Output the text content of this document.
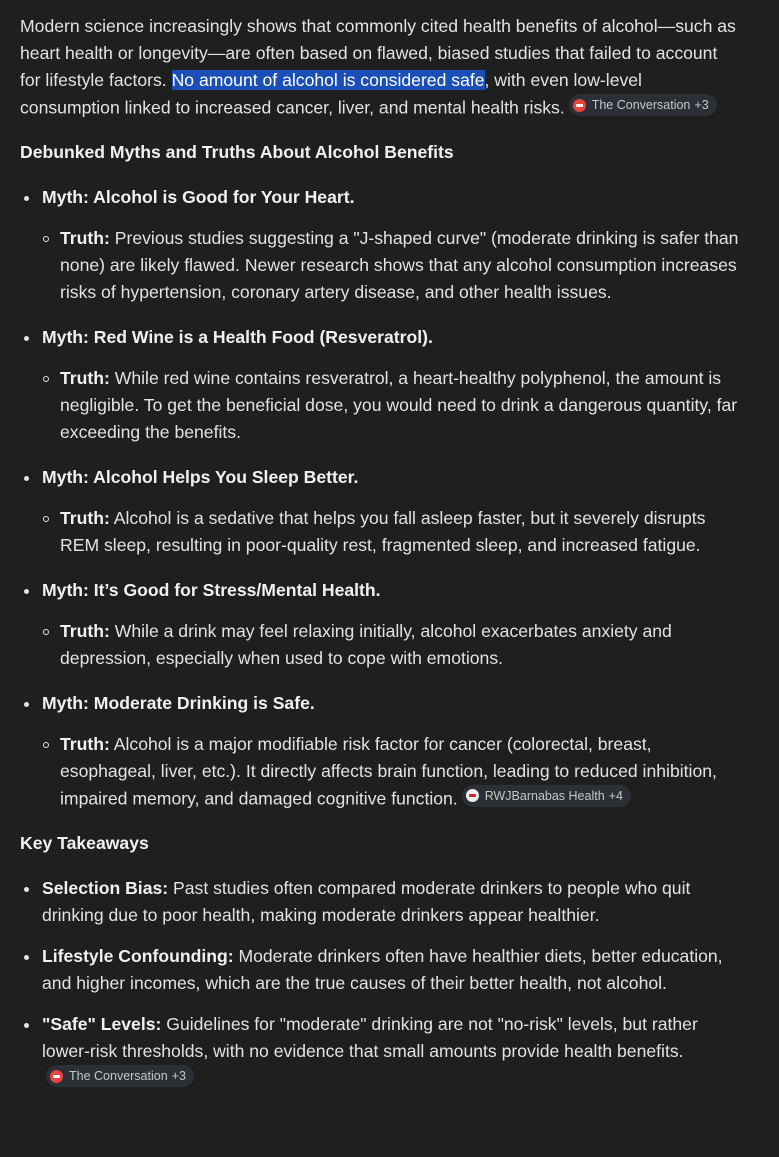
Modern science increasingly shows that commonly cited health benefits of alcohol—such as heart health or longevity—are often based on flawed, biased studies that failed to account for lifestyle factors. No amount of alcohol is considered safe, with even low-level consumption linked to increased cancer, liver, and mental health risks. The Conversation +3

Debunked Myths and Truths About Alcohol Benefits
Myth: Alcohol is Good for Your Heart.
Truth: Previous studies suggesting a "J-shaped curve" (moderate drinking is safer than none) are likely flawed. Newer research shows that any alcohol consumption increases risks of hypertension, coronary artery disease, and other health issues.
Myth: Red Wine is a Health Food (Resveratrol).
Truth: While red wine contains resveratrol, a heart-healthy polyphenol, the amount is negligible. To get the beneficial dose, you would need to drink a dangerous quantity, far exceeding the benefits.
Myth: Alcohol Helps You Sleep Better.
Truth: Alcohol is a sedative that helps you fall asleep faster, but it severely disrupts REM sleep, resulting in poor-quality rest, fragmented sleep, and increased fatigue.
Myth: It’s Good for Stress/Mental Health.
Truth: While a drink may feel relaxing initially, alcohol exacerbates anxiety and depression, especially when used to cope with emotions.
Myth: Moderate Drinking is Safe.
Truth: Alcohol is a major modifiable risk factor for cancer (colorectal, breast, esophageal, liver, etc.). It directly affects brain function, leading to reduced inhibition, impaired memory, and damaged cognitive function. RWJBarnabas Health +4
Key Takeaways
Selection Bias: Past studies often compared moderate drinkers to people who quit drinking due to poor health, making moderate drinkers appear healthier.
Lifestyle Confounding: Moderate drinkers often have healthier diets, better education, and higher incomes, which are the true causes of their better health, not alcohol.
"Safe" Levels: Guidelines for "moderate" drinking are not "no-risk" levels, but rather lower-risk thresholds, with no evidence that small amounts provide health benefits.
The Conversation +3
